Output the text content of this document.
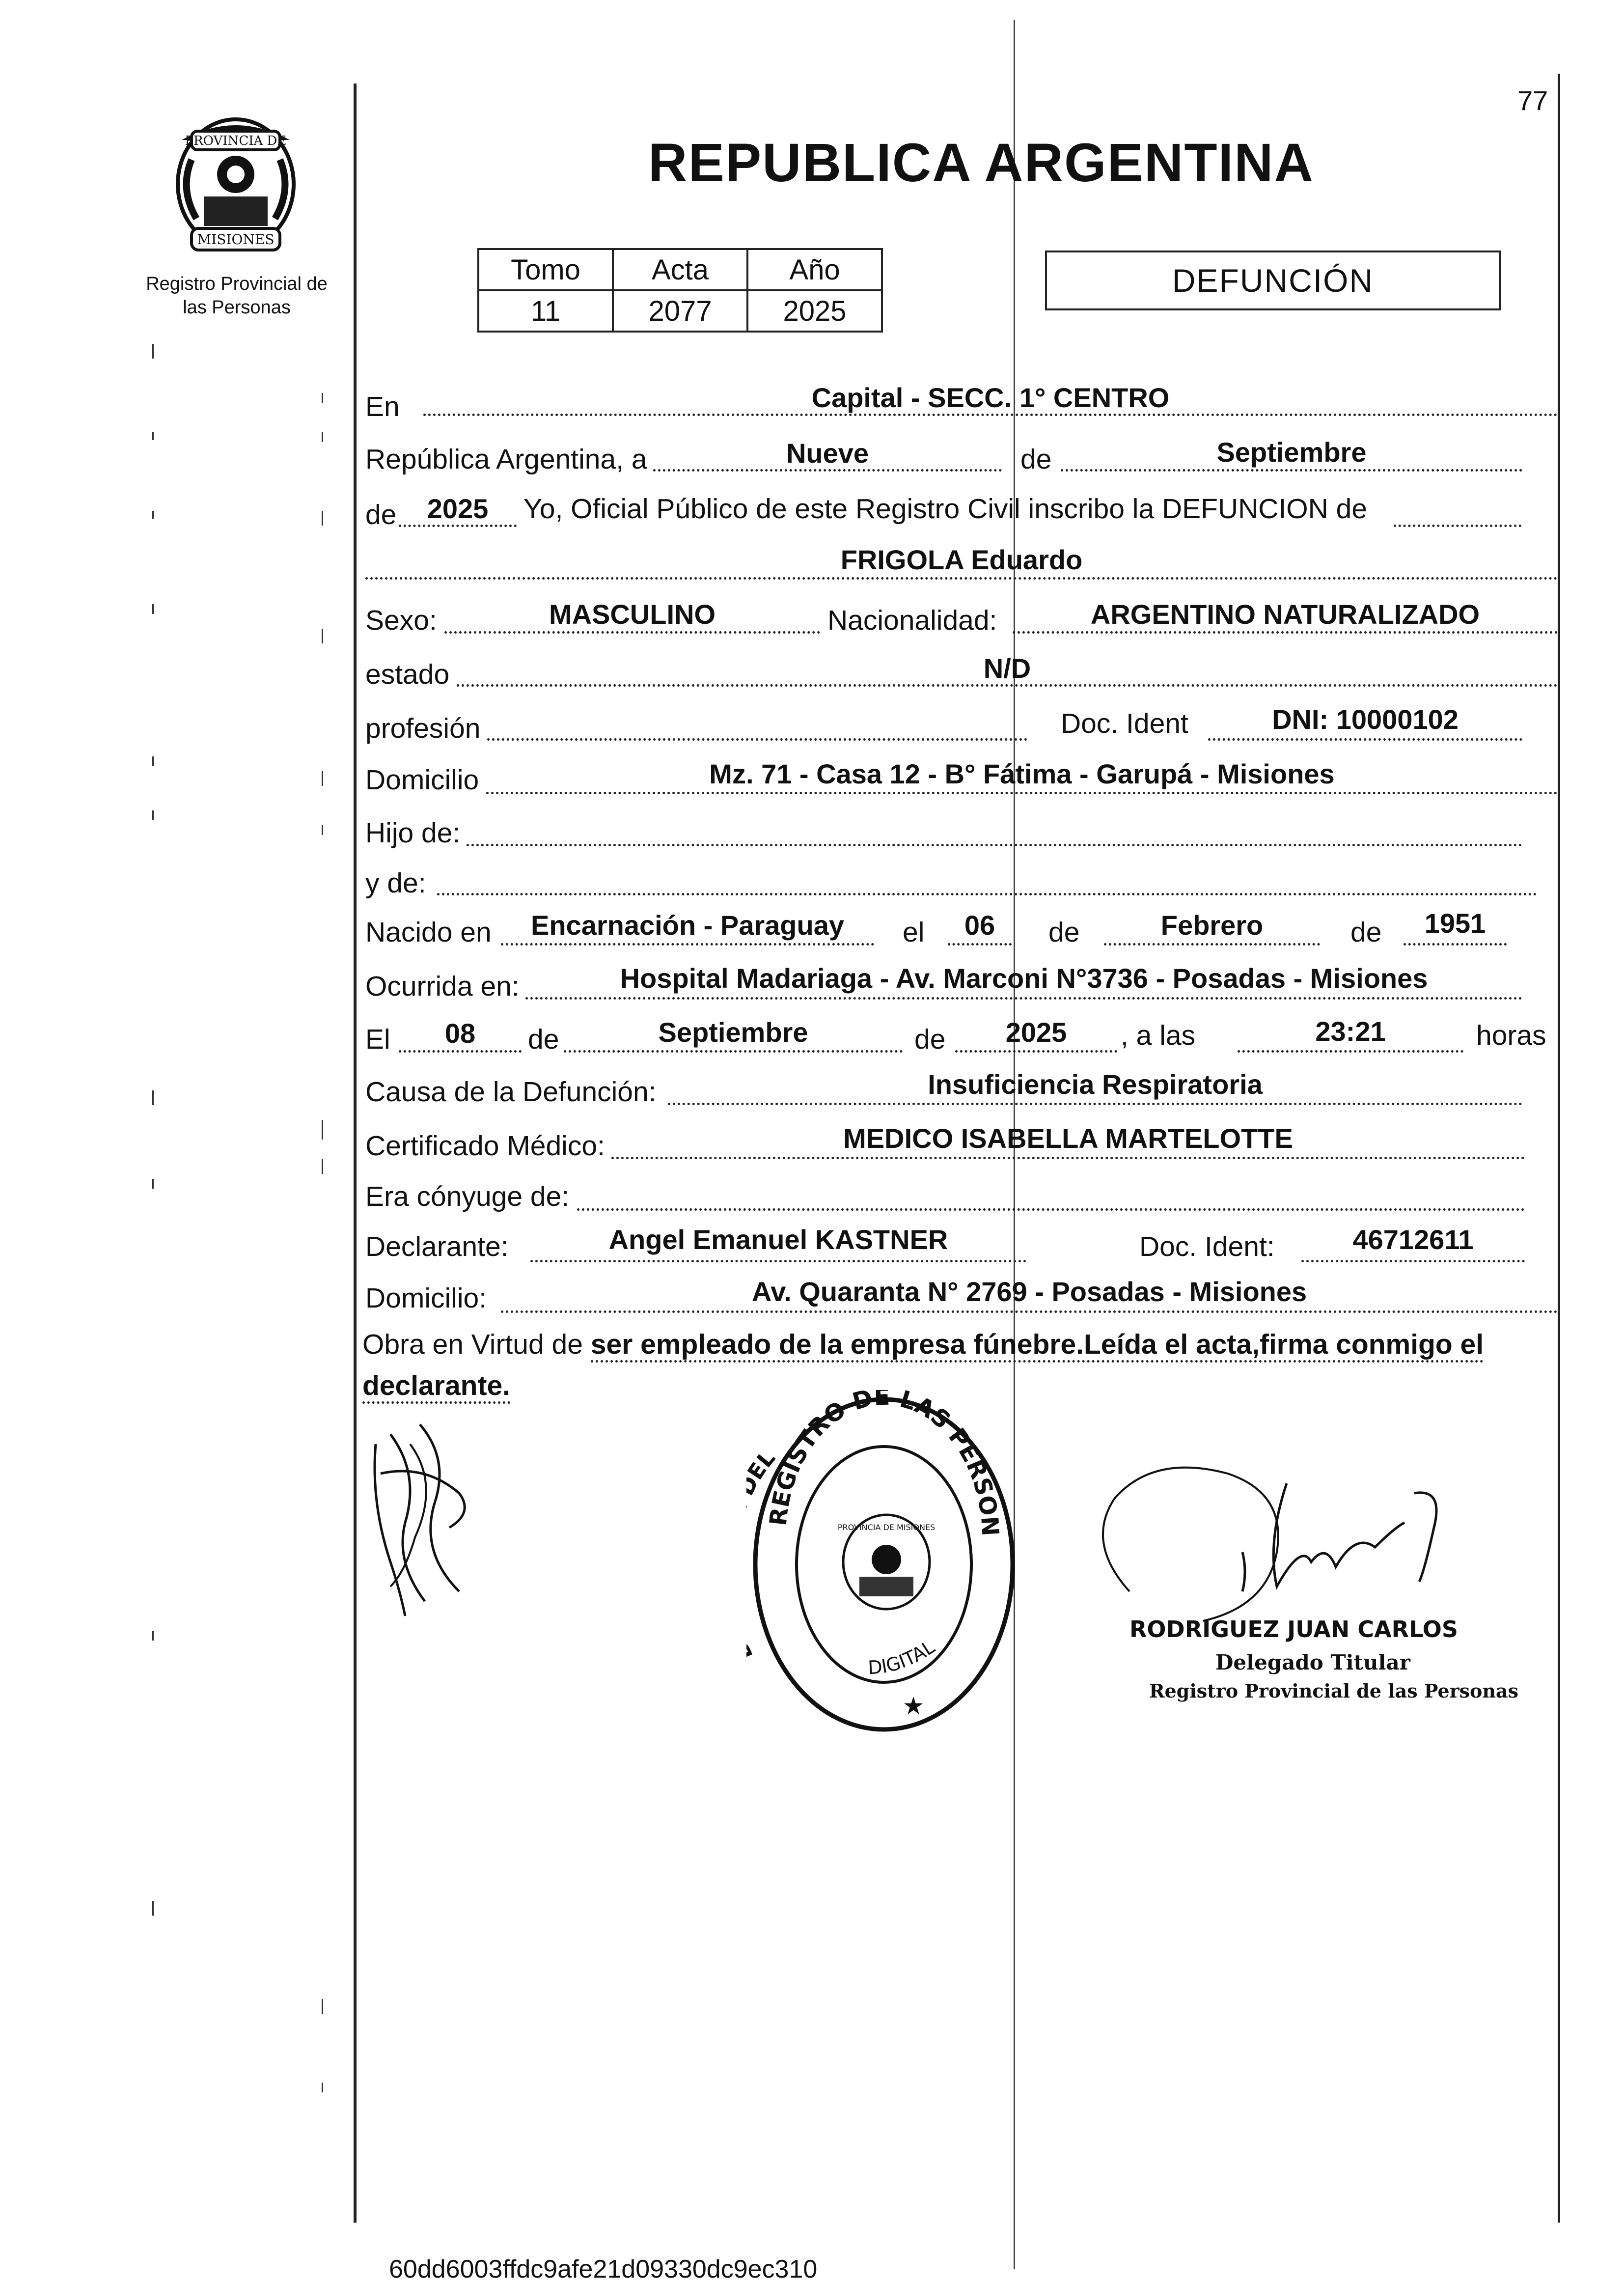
77
PROVINCIA DE
MISIONES
Registro Provincial de las Personas
REPUBLICA ARGENTINA
Tomo	Acta	Año
11	2077	2025
DEFUNCIÓN
En	Capital - SECC. 1° CENTRO
República Argentina, a	Nueve	de	Septiembre
de	2025	Yo, Oficial Público de este Registro Civil inscribo la DEFUNCION de
FRIGOLA Eduardo
Sexo:	MASCULINO	Nacionalidad:	ARGENTINO NATURALIZADO
estado	N/D
profesión	Doc. Ident	DNI: 10000102
Domicilio	Mz. 71 - Casa 12 - B° Fátima - Garupá - Misiones
Hijo de:
y de:
Nacido en	Encarnación - Paraguay	el	06	de	Febrero	de	1951
Ocurrida en:	Hospital Madariaga - Av. Marconi N°3736 - Posadas - Misiones
El	08	de	Septiembre	de	2025	, a las	23:21	horas
Causa de la Defunción:	Insuficiencia Respiratoria
Certificado Médico:	MEDICO ISABELLA MARTELOTTE
Era cónyuge de:
Declarante:	Angel Emanuel KASTNER	Doc. Ident:	46712611
Domicilio:	Av. Quaranta N° 2769 - Posadas - Misiones
Obra en Virtud de ser empleado de la empresa fúnebre.Leída el acta,firma conmigo el
declarante.
REGISTRO DE LAS PERSON
L
DIGITAL
PROVINCIA DE MISIONES
★
RODRIGUEZ JUAN CARLOS
Delegado Titular
Registro Provincial de las Personas
60dd6003ffdc9afe21d09330dc9ec310
